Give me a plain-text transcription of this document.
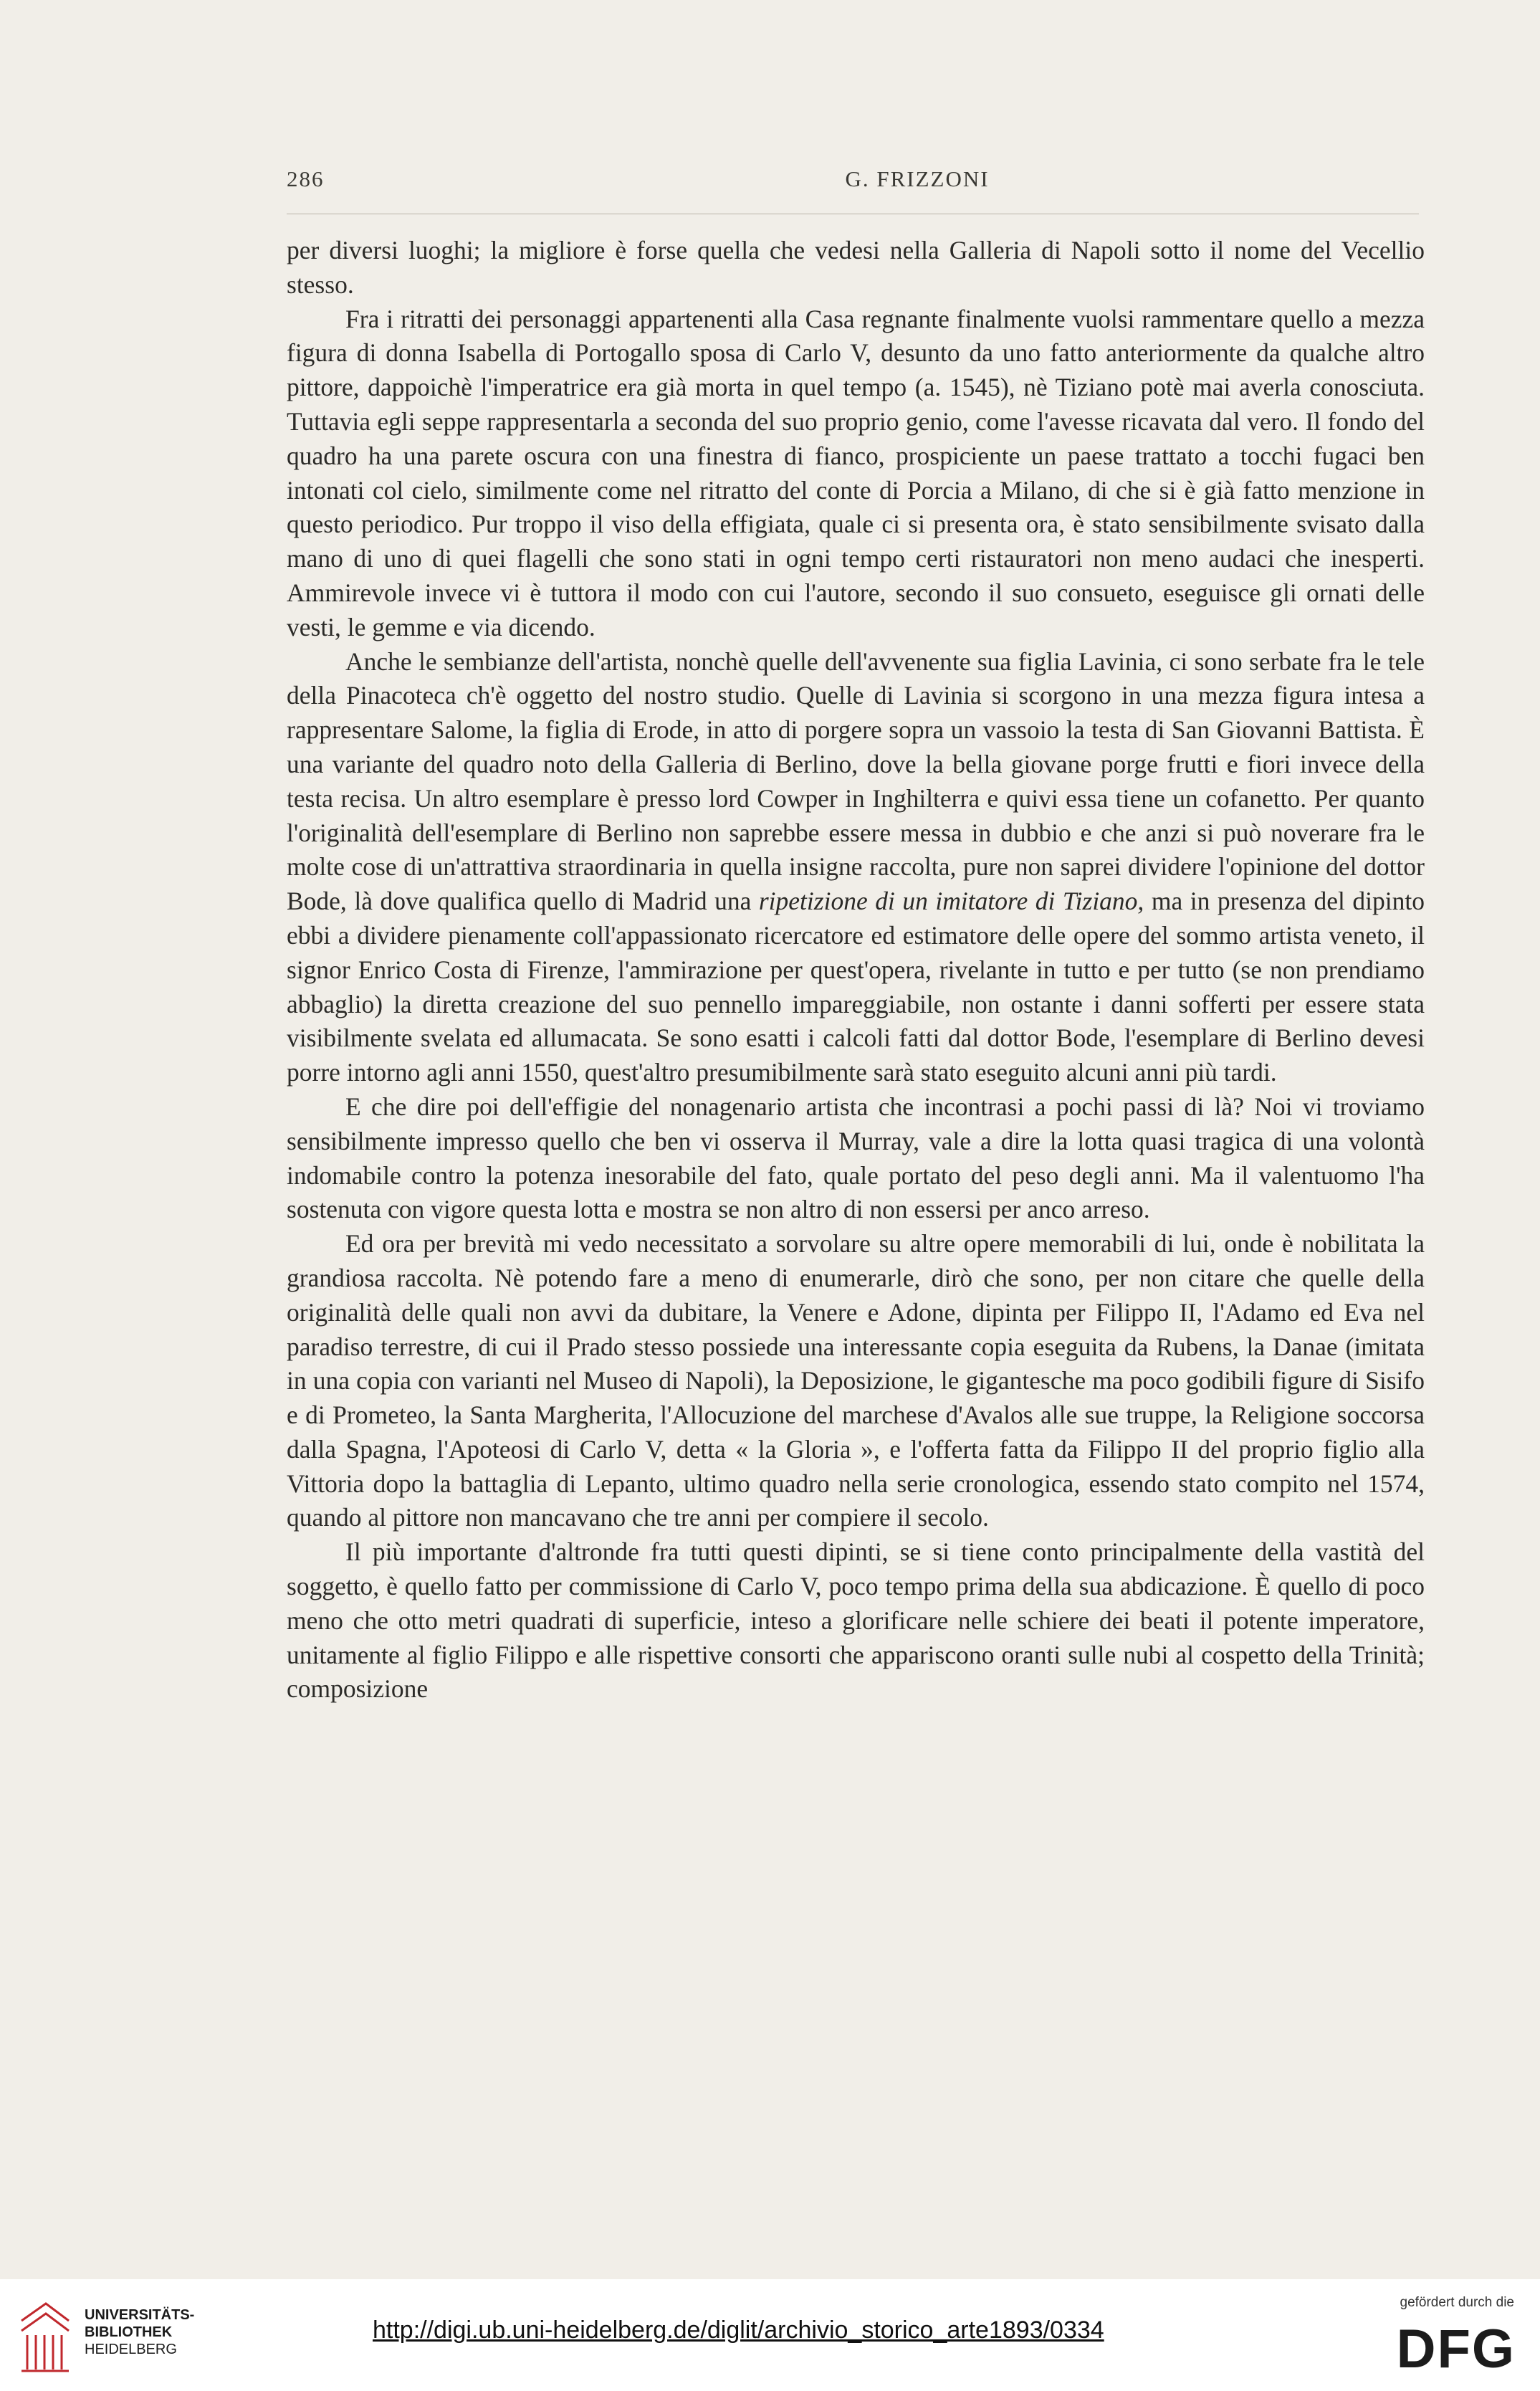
286	G. FRIZZONI

per diversi luoghi; la migliore è forse quella che vedesi nella Galleria di Napoli sotto il nome del Vecellio stesso.

Fra i ritratti dei personaggi appartenenti alla Casa regnante finalmente vuolsi rammentare quello a mezza figura di donna Isabella di Portogallo sposa di Carlo V, desunto da uno fatto anteriormente da qualche altro pittore, dappoichè l'imperatrice era già morta in quel tempo (a. 1545), nè Tiziano potè mai averla conosciuta. Tuttavia egli seppe rappresentarla a seconda del suo proprio genio, come l'avesse ricavata dal vero. Il fondo del quadro ha una parete oscura con una finestra di fianco, prospiciente un paese trattato a tocchi fugaci ben intonati col cielo, similmente come nel ritratto del conte di Porcia a Milano, di che si è già fatto menzione in questo periodico. Pur troppo il viso della effigiata, quale ci si presenta ora, è stato sensibilmente svisato dalla mano di uno di quei flagelli che sono stati in ogni tempo certi ristauratori non meno audaci che inesperti. Ammirevole invece vi è tuttora il modo con cui l'autore, secondo il suo consueto, eseguisce gli ornati delle vesti, le gemme e via dicendo.

Anche le sembianze dell'artista, nonchè quelle dell'avvenente sua figlia Lavinia, ci sono serbate fra le tele della Pinacoteca ch'è oggetto del nostro studio. Quelle di Lavinia si scorgono in una mezza figura intesa a rappresentare Salome, la figlia di Erode, in atto di porgere sopra un vassoio la testa di San Giovanni Battista. È una variante del quadro noto della Galleria di Berlino, dove la bella giovane porge frutti e fiori invece della testa recisa. Un altro esemplare è presso lord Cowper in Inghilterra e quivi essa tiene un cofanetto. Per quanto l'originalità dell'esemplare di Berlino non saprebbe essere messa in dubbio e che anzi si può noverare fra le molte cose di un'attrattiva straordinaria in quella insigne raccolta, pure non saprei dividere l'opinione del dottor Bode, là dove qualifica quello di Madrid una ripetizione di un imitatore di Tiziano, ma in presenza del dipinto ebbi a dividere pienamente coll'appassionato ricercatore ed estimatore delle opere del sommo artista veneto, il signor Enrico Costa di Firenze, l'ammirazione per quest'opera, rivelante in tutto e per tutto (se non prendiamo abbaglio) la diretta creazione del suo pennello impareggiabile, non ostante i danni sofferti per essere stata visibilmente svelata ed allumacata. Se sono esatti i calcoli fatti dal dottor Bode, l'esemplare di Berlino devesi porre intorno agli anni 1550, quest'altro presumibilmente sarà stato eseguito alcuni anni più tardi.

E che dire poi dell'effigie del nonagenario artista che incontrasi a pochi passi di là? Noi vi troviamo sensibilmente impresso quello che ben vi osserva il Murray, vale a dire la lotta quasi tragica di una volontà indomabile contro la potenza inesorabile del fato, quale portato del peso degli anni. Ma il valentuomo l'ha sostenuta con vigore questa lotta e mostra se non altro di non essersi per anco arreso.

Ed ora per brevità mi vedo necessitato a sorvolare su altre opere memorabili di lui, onde è nobilitata la grandiosa raccolta. Nè potendo fare a meno di enumerarle, dirò che sono, per non citare che quelle della originalità delle quali non avvi da dubitare, la Venere e Adone, dipinta per Filippo II, l'Adamo ed Eva nel paradiso terrestre, di cui il Prado stesso possiede una interessante copia eseguita da Rubens, la Danae (imitata in una copia con varianti nel Museo di Napoli), la Deposizione, le gigantesche ma poco godibili figure di Sisifo e di Prometeo, la Santa Margherita, l'Allocuzione del marchese d'Avalos alle sue truppe, la Religione soccorsa dalla Spagna, l'Apoteosi di Carlo V, detta « la Gloria », e l'offerta fatta da Filippo II del proprio figlio alla Vittoria dopo la battaglia di Lepanto, ultimo quadro nella serie cronologica, essendo stato compito nel 1574, quando al pittore non mancavano che tre anni per compiere il secolo.

Il più importante d'altronde fra tutti questi dipinti, se si tiene conto principalmente della vastità del soggetto, è quello fatto per commissione di Carlo V, poco tempo prima della sua abdicazione. È quello di poco meno che otto metri quadrati di superficie, inteso a glorificare nelle schiere dei beati il potente imperatore, unitamente al figlio Filippo e alle rispettive consorti che appariscono oranti sulle nubi al cospetto della Trinità; composizione

UNIVERSITÄTS-
BIBLIOTHEK
HEIDELBERG
http://digi.ub.uni-heidelberg.de/diglit/archivio_storico_arte1893/0334
gefördert durch die
DFG
